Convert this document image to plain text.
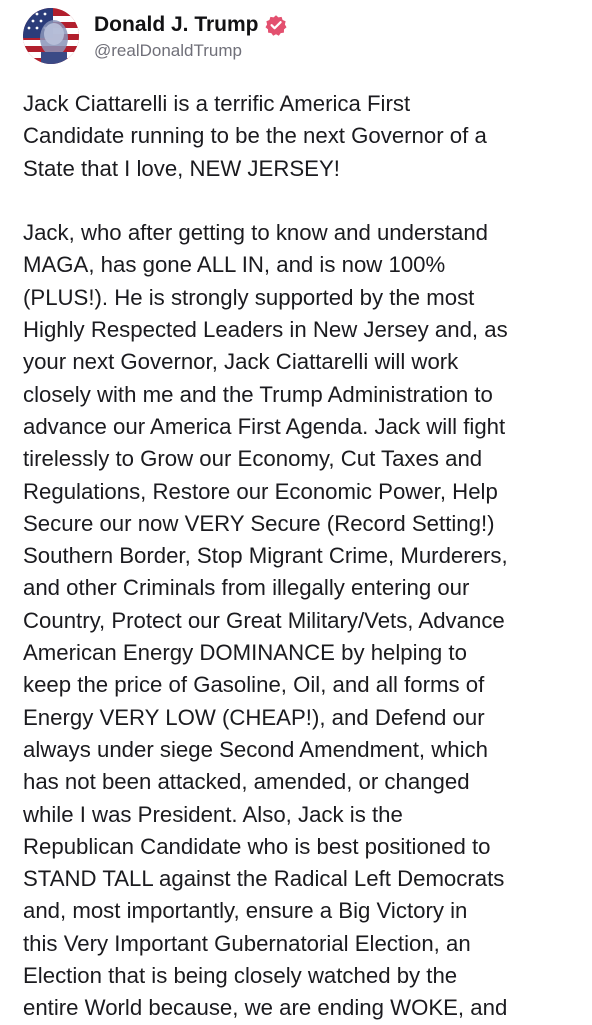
Donald J. Trump
@realDonaldTrump

Jack Ciattarelli is a terrific America First
Candidate running to be the next Governor of a
State that I love, NEW JERSEY!

Jack, who after getting to know and understand
MAGA, has gone ALL IN, and is now 100%
(PLUS!). He is strongly supported by the most
Highly Respected Leaders in New Jersey and, as
your next Governor, Jack Ciattarelli will work
closely with me and the Trump Administration to
advance our America First Agenda. Jack will fight
tirelessly to Grow our Economy, Cut Taxes and
Regulations, Restore our Economic Power, Help
Secure our now VERY Secure (Record Setting!)
Southern Border, Stop Migrant Crime, Murderers,
and other Criminals from illegally entering our
Country, Protect our Great Military/Vets, Advance
American Energy DOMINANCE by helping to
keep the price of Gasoline, Oil, and all forms of
Energy VERY LOW (CHEAP!), and Defend our
always under siege Second Amendment, which
has not been attacked, amended, or changed
while I was President. Also, Jack is the
Republican Candidate who is best positioned to
STAND TALL against the Radical Left Democrats
and, most importantly, ensure a Big Victory in
this Very Important Gubernatorial Election, an
Election that is being closely watched by the
entire World because, we are ending WOKE, and
